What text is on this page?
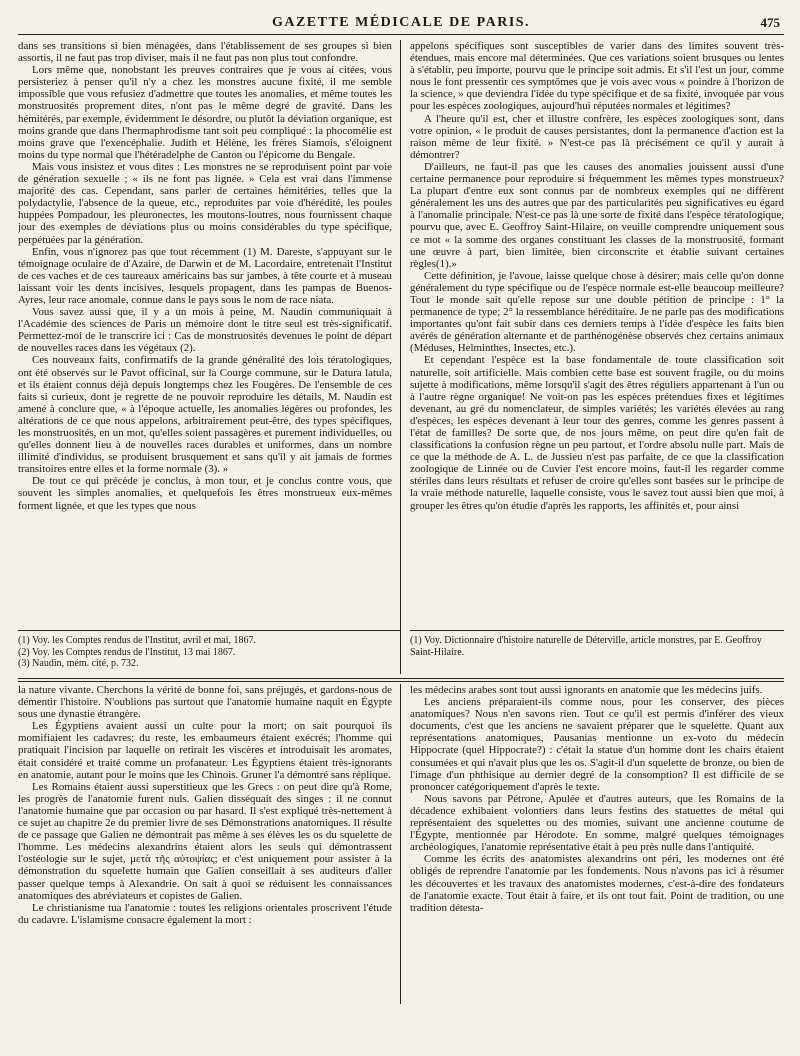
GAZETTE MÉDICALE DE PARIS.	475

dans ses transitions si bien ménagées, dans l'établissement de ses groupes si bien assortis, il ne faut pas trop diviser, mais il ne faut pas non plus tout confondre.

Lors même que, nonobstant les preuves contraires que je vous ai citées, vous persisteriez à penser qu'il n'y a chez les monstres aucune fixité, il me semble impossible que vous refusiez d'admettre que toutes les anomalies, et même toutes les monstruosités proprement dites, n'ont pas le même degré de gravité. Dans les hémitérés, par exemple, évidemment le désordre, ou plutôt la déviation organique, est moins grande que dans l'hermaphrodisme tant soit peu compliqué : la phocomélie est moins grave que l'exencéphalie. Judith et Hélène, les frères Siamois, s'éloignent moins du type normal que l'hétéradelphe de Canton ou l'épicome du Bengale.

Mais vous insistez et vous dites : Les monstres ne se reproduisent point par voie de génération sexuelle ; « ils ne font pas lignée. » Cela est vrai dans l'immense majorité des cas. Cependant, sans parler de certaines hémitéries, telles que la polydactylie, l'absence de la queue, etc., reproduites par voie d'hérédité, les poules huppées Pompadour, les pleuronectes, les moutons-loutres, nous fournissent chaque jour des exemples de déviations plus ou moins considérables du type spécifique, perpétuées par la génération.

Enfin, vous n'ignorez pas que tout récemment (1) M. Dareste, s'appuyant sur le témoignage oculaire de d'Azaire, de Darwin et de M. Lacordaire, entretenait l'Institut de ces vaches et de ces taureaux américains bas sur jambes, à tête courte et à museau laissant voir les dents incisives, lesquels propagent, dans les pampas de Buenos-Ayres, leur race anomale, connue dans le pays sous le nom de race niata.

Vous savez aussi que, il y a un mois à peine, M. Naudin communiquait à l'Académie des sciences de Paris un mémoire dont le titre seul est très-significatif. Permettez-moi de le transcrire ici : Cas de monstruosités devenues le point de départ de nouvelles races dans les végétaux (2).

Ces nouveaux faits, confirmatifs de la grande généralité des lois tératologiques, ont été observés sur le Pavot officinal, sur la Courge commune, sur le Datura latula, et ils étaient connus déjà depuis longtemps chez les Fougères. De l'ensemble de ces faits si curieux, dont je regrette de ne pouvoir reproduire les détails, M. Naudin est amené à conclure que, « à l'époque actuelle, les anomalies légères ou profondes, les altérations de ce que nous appelons, arbitrairement peut-être, des types spécifiques, les monstruosités, en un mot, qu'elles soient passagères et purement individuelles, ou qu'elles donnent lieu à de nouvelles races durables et uniformes, dans un nombre illimité d'individus, se produisent brusquement et sans qu'il y ait jamais de formes transitoires entre elles et la forme normale (3). »

De tout ce qui précède je conclus, à mon tour, et je conclus contre vous, que souvent les simples anomalies, et quelquefois les êtres monstrueux eux-mêmes forment lignée, et que les types que nous

(1) Voy. les Comptes rendus de l'Institut, avril et mai, 1867.
(2) Voy. les Comptes rendus de l'Institut, 13 mai 1867.
(3) Naudin, mém. cité, p. 732.

appelons spécifiques sont susceptibles de varier dans des limites souvent très-étendues, mais encore mal déterminées. Que ces variations soient brusques ou lentes à s'établir, peu importe, pourvu que le principe soit admis. Et s'il l'est un jour, comme nous le font pressentir ces symptômes que je vois avec vous « poindre à l'horizon de la science, » que deviendra l'idée du type spécifique et de sa fixité, invoquée par vous pour les espèces zoologiques, aujourd'hui réputées normales et légitimes?

A l'heure qu'il est, cher et illustre confrère, les espèces zoologiques sont, dans votre opinion, « le produit de causes persistantes, dont la permanence d'action est la raison même de leur fixité. » N'est-ce pas là précisément ce qu'il y aurait à démontrer?

D'ailleurs, ne faut-il pas que les causes des anomalies jouissent aussi d'une certaine permanence pour reproduire si fréquemment les mêmes types monstrueux? La plupart d'entre eux sont connus par de nombreux exemples qui ne diffèrent généralement les uns des autres que par des particularités peu significatives eu égard à l'anomalie principale. N'est-ce pas là une sorte de fixité dans l'espèce tératologique, pourvu que, avec E. Geoffroy Saint-Hilaire, on veuille comprendre uniquement sous ce mot « la somme des organes constituant les classes de la monstruosité, formant une œuvre à part, bien limitée, bien circonscrite et établie suivant certaines règles(1).»

Cette définition, je l'avoue, laisse quelque chose à désirer; mais celle qu'on donne généralement du type spécifique ou de l'espèce normale est-elle beaucoup meilleure? Tout le monde sait qu'elle repose sur une double pétition de principe : 1° la permanence de type; 2° la ressemblance héréditaire. Je ne parle pas des modifications importantes qu'ont fait subir dans ces derniers temps à l'idée d'espèce les faits bien avérés de génération alternante et de parthénogénèse observés chez certains animaux (Méduses, Helminthes, Insectes, etc.).

Et cependant l'espèce est la base fondamentale de toute classification soit naturelle, soit artificielle. Mais combien cette base est souvent fragile, ou du moins sujette à modifications, même lorsqu'il s'agit des êtres réguliers appartenant à l'un ou à l'autre règne organique! Ne voit-on pas les espèces prétendues fixes et légitimes devenant, au gré du nomenclateur, de simples variétés; les variétés élevées au rang d'espèces, les espèces devenant à leur tour des genres, comme les genres passent à l'état de familles? De sorte que, de nos jours même, on peut dire qu'en fait de classifications la confusion règne un peu partout, et l'ordre absolu nulle part. Mais de ce que la méthode de A. L. de Jussieu n'est pas parfaite, de ce que la classification zoologique de Linnée ou de Cuvier l'est encore moins, faut-il les regarder comme stériles dans leurs résultats et refuser de croire qu'elles sont basées sur le principe de la vraie méthode naturelle, laquelle consiste, vous le savez tout aussi bien que moi, à grouper les êtres qu'on étudie d'après les rapports, les affinités et, pour ainsi

(1) Voy. Dictionnaire d'histoire naturelle de Déterville, article monstres, par E. Geoffroy Saint-Hilaire.

la nature vivante. Cherchons la vérité de bonne foi, sans préjugés, et gardons-nous de démentir l'histoire. N'oublions pas surtout que l'anatomie humaine naquit en Égypte sous une dynastie étrangère.

Les Égyptiens avaient aussi un culte pour la mort; on sait pourquoi ils momifiaient les cadavres; du reste, les embaumeurs étaient exécrés; l'homme qui pratiquait l'incision par laquelle on retirait les viscères et introduisait les aromates, était considéré et traité comme un profanateur. Les Égyptiens étaient très-ignorants en anatomie, autant pour le moins que les Chinois. Gruner l'a démontré sans réplique.

Les Romains étaient aussi superstitieux que les Grecs : on peut dire qu'à Rome, les progrès de l'anatomie furent nuls. Galien disséquait des singes : il ne connut l'anatomie humaine que par occasion ou par hasard. Il s'est expliqué très-nettement à ce sujet au chapitre 2e du premier livre de ses Démonstrations anatomiques. Il résulte de ce passage que Galien ne démontrait pas même à ses élèves les os du squelette de l'homme. Les médecins alexandrins étaient alors les seuls qui démontrassent l'ostéologie sur le sujet, μετὰ τῆς αὐτοψίας; et c'est uniquement pour assister à la démonstration du squelette humain que Galien conseillait à ses auditeurs d'aller passer quelque temps à Alexandrie. On sait à quoi se réduisent les connaissances anatomiques des abréviateurs et copistes de Galien.

Le christianisme tua l'anatomie : toutes les religions orientales proscrivent l'étude du cadavre. L'islamisme consacre également la mort :

les médecins arabes sont tout aussi ignorants en anatomie que les médecins juifs.

Les anciens préparaient-ils comme nous, pour les conserver, des pièces anatomiques? Nous n'en savons rien. Tout ce qu'il est permis d'inférer des vieux documents, c'est que les anciens ne savaient préparer que le squelette. Quant aux représentations anatomiques, Pausanias mentionne un ex-voto du médecin Hippocrate (quel Hippocrate?) : c'était la statue d'un homme dont les chairs étaient consumées et qui n'avait plus que les os. S'agit-il d'un squelette de bronze, ou bien de l'image d'un phthisique au dernier degré de la consomption? Il est difficile de se prononcer catégoriquement d'après le texte.

Nous savons par Pétrone, Apulée et d'autres auteurs, que les Romains de la décadence exhibaient volontiers dans leurs festins des statuettes de métal qui représentaient des squelettes ou des momies, suivant une ancienne coutume de l'Égypte, mentionnée par Hérodote. En somme, malgré quelques témoignages archéologiques, l'anatomie représentative était à peu près nulle dans l'antiquité.

Comme les écrits des anatomistes alexandrins ont péri, les modernes ont été obligés de reprendre l'anatomie par les fondements. Nous n'avons pas ici à résumer les découvertes et les travaux des anatomistes modernes, c'est-à-dire des fondateurs de l'anatomie exacte. Tout était à faire, et ils ont tout fait. Point de tradition, ou une tradition détesta-
